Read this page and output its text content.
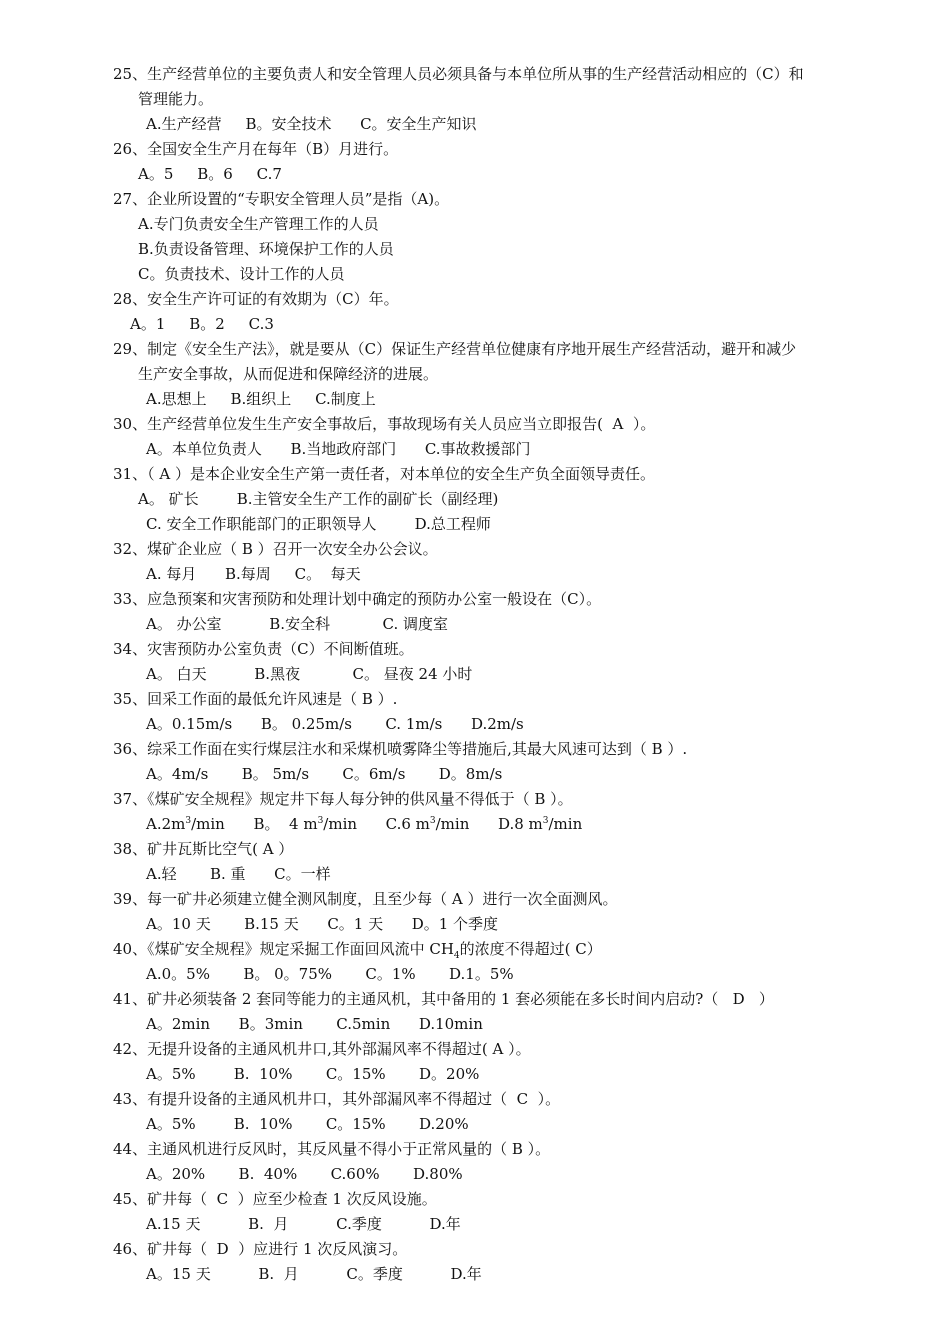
25、生产经营单位的主要负责人和安全管理人员必须具备与本单位所从事的生产经营活动相应的（C）和
管理能力。
A.生产经营     B。安全技术      C。安全生产知识
26、全国安全生产月在每年（B）月进行。
A。5     B。6     C.7
27、企业所设置的“专职安全管理人员”是指（A)。
A.专门负责安全生产管理工作的人员
B.负责设备管理、环境保护工作的人员
C。负责技术、设计工作的人员
28、安全生产许可证的有效期为（C）年。
A。1     B。2     C.3
29、制定《安全生产法》，就是要从（C）保证生产经营单位健康有序地开展生产经营活动，避开和减少
生产安全事故，从而促进和保障经济的进展。
A.思想上     B.组织上     C.制度上
30、生产经营单位发生生产安全事故后，事故现场有关人员应当立即报告(  A  ）。
A。本单位负责人      B.当地政府部门      C.事故救援部门
31、（ A ）是本企业安全生产第一责任者，对本单位的安全生产负全面领导责任。
A。 矿长        B.主管安全生产工作的副矿长（副经理)
C. 安全工作职能部门的正职领导人        D.总工程师
32、煤矿企业应（ B ）召开一次安全办公会议。
A. 每月      B.每周     C。  每天
33、应急预案和灾害预防和处理计划中确定的预防办公室一般设在（C）。
A。 办公室          B.安全科           C. 调度室
34、灾害预防办公室负责（C）不间断值班。
A。 白天          B.黑夜           C。 昼夜 24 小时
35、回采工作面的最低允许风速是（ B ）.
A。0.15m/s      B。 0.25m/s       C. 1m/s      D.2m/s
36、综采工作面在实行煤层注水和采煤机喷雾降尘等措施后,其最大风速可达到（ B ）.
A。4m/s       B。 5m/s       C。6m/s       D。8m/s
37、《煤矿安全规程》规定井下每人每分钟的供风量不得低于（ B ）。
$A.2m^3/\min$      B。  4 $m^3/\min$      C.6 $m^3/\min$      D.8 $m^3/\min$
38、矿井瓦斯比空气( A ）
A.轻       B. 重      C。一样
39、每一矿井必须建立健全测风制度，且至少每（ A ）进行一次全面测风。
A。10 天       B.15 天      C。1 天      D。1 个季度
40、《煤矿安全规程》规定采掘工作面回风流中 $CH_4$的浓度不得超过( C）
A.0。5%       B。 0。75%       C。1%       D.1。5%
41、矿井必须装备 2 套同等能力的主通风机，其中备用的 1 套必须能在多长时间内启动?（   D   ）
A。2min      B。3min       C.5min      D.10min
42、无提升设备的主通风机井口,其外部漏风率不得超过( A ）。
A。5%        B.  10%       C。15%       D。20%
43、有提升设备的主通风机井口，其外部漏风率不得超过（  C  ）。
A。5%        B.  10%       C。15%       D.20%
44、主通风机进行反风时，其反风量不得小于正常风量的（ B ）。
A。20%       B.  40%       C.60%       D.80%
45、矿井每（  C  ）应至少检查 1 次反风设施。
A.15 天          B.  月          C.季度          D.年
46、矿井每（  D  ）应进行 1 次反风演习。
A。15 天          B.  月          C。季度          D.年
